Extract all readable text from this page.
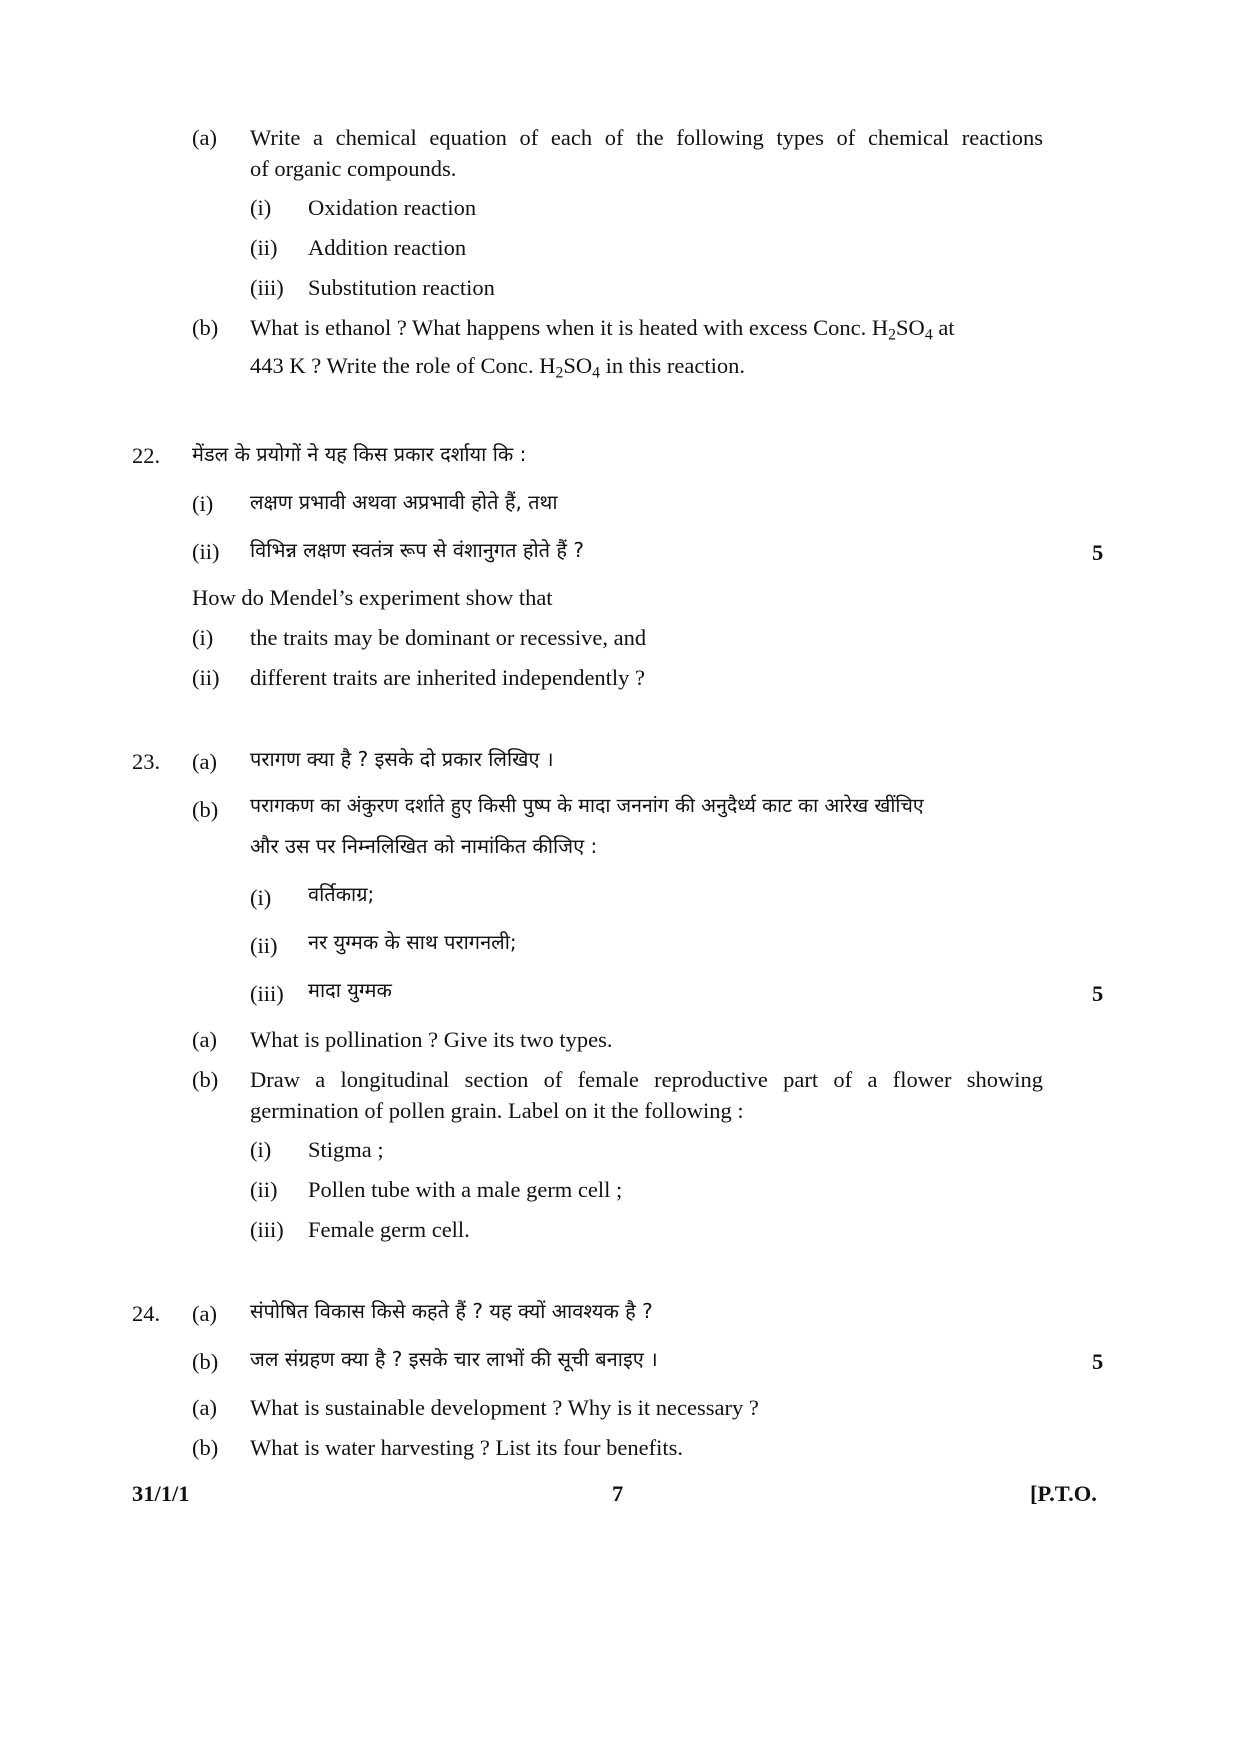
(a) Write a chemical equation of each of the following types of chemical reactions
of organic compounds.
(i) Oxidation reaction
(ii) Addition reaction
(iii) Substitution reaction
(b) What is ethanol ? What happens when it is heated with excess Conc. $H_2SO_4$ at
443 K ? Write the role of Conc. $H_2SO_4$ in this reaction.
22. मेंडल के प्रयोगों ने यह किस प्रकार दर्शाया कि :
(i) लक्षण प्रभावी अथवा अप्रभावी होते हैं, तथा
(ii) विभिन्न लक्षण स्वतंत्र रूप से वंशानुगत होते हैं ?	5
How do Mendel’s experiment show that
(i) the traits may be dominant or recessive, and
(ii) different traits are inherited independently ?
23. (a) परागण क्या है ? इसके दो प्रकार लिखिए ।
(b) परागकण का अंकुरण दर्शाते हुए किसी पुष्प के मादा जननांग की अनुदैर्ध्य काट का आरेख खींचिए
और उस पर निम्नलिखित को नामांकित कीजिए :
(i) वर्तिकाग्र;
(ii) नर युग्मक के साथ परागनली;
(iii) मादा युग्मक	5
(a) What is pollination ? Give its two types.
(b) Draw a longitudinal section of female reproductive part of a flower showing
germination of pollen grain. Label on it the following :
(i) Stigma ;
(ii) Pollen tube with a male germ cell ;
(iii) Female germ cell.
24. (a) संपोषित विकास किसे कहते हैं ? यह क्यों आवश्यक है ?
(b) जल संग्रहण क्या है ? इसके चार लाभों की सूची बनाइए ।	5
(a) What is sustainable development ? Why is it necessary ?
(b) What is water harvesting ? List its four benefits.
31/1/1	7	[P.T.O.
